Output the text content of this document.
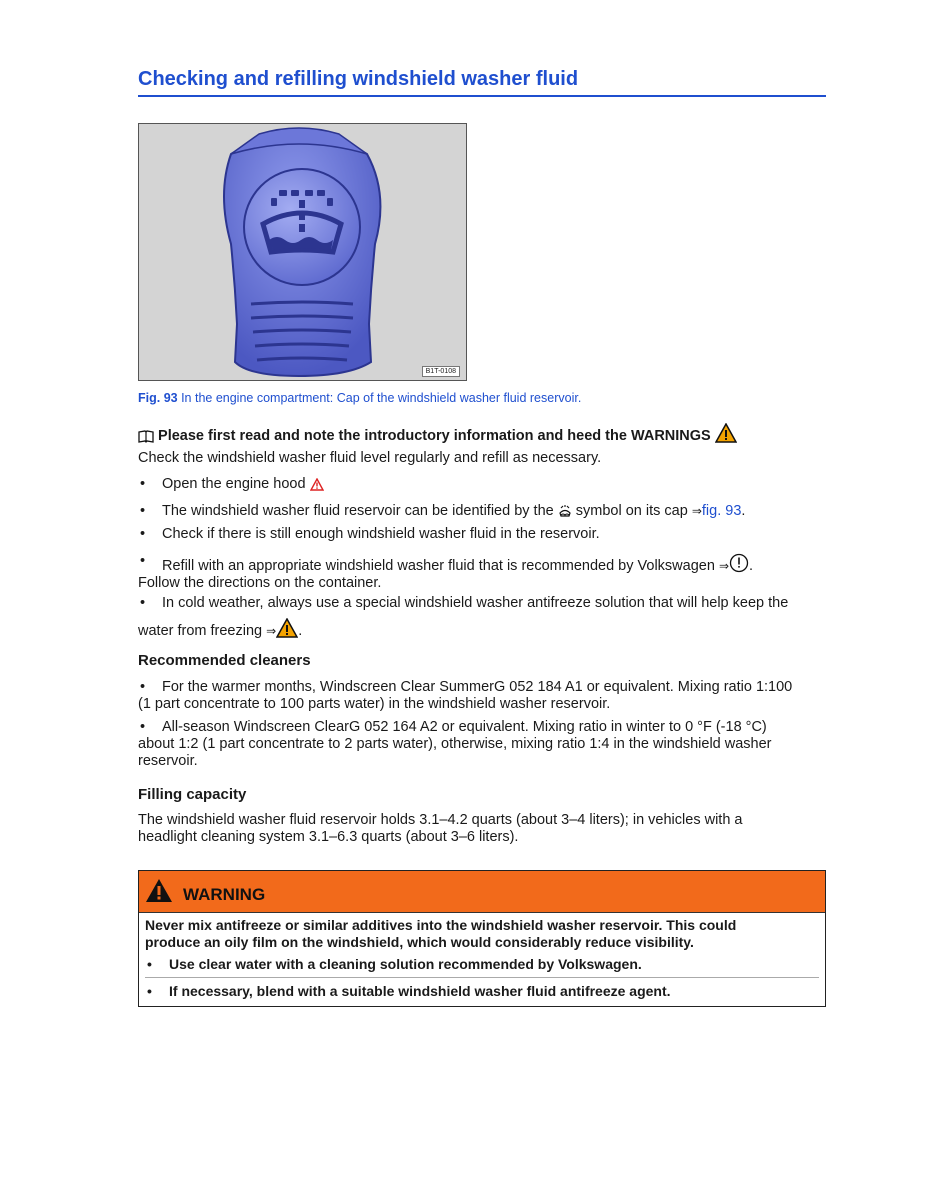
Checking and refilling windshield washer fluid
B1T-0108
Fig. 93 In the engine compartment: Cap of the windshield washer fluid reservoir.
Please first read and note the introductory information and heed the WARNINGS
Check the windshield washer fluid level regularly and refill as necessary.
•	Open the engine hood
•	The windshield washer fluid reservoir can be identified by the symbol on its cap ⇒fig. 93.
•	Check if there is still enough windshield washer fluid in the reservoir.
•	Refill with an appropriate windshield washer fluid that is recommended by Volkswagen ⇒ .
Follow the directions on the container.
•	In cold weather, always use a special windshield washer antifreeze solution that will help keep the
water from freezing ⇒ .
Recommended cleaners
•	For the warmer months, Windscreen Clear SummerG 052 184 A1 or equivalent. Mixing ratio 1:100
(1 part concentrate to 100 parts water) in the windshield washer reservoir.
•	All-season Windscreen ClearG 052 164 A2 or equivalent. Mixing ratio in winter to 0 °F (-18 °C)
about 1:2 (1 part concentrate to 2 parts water), otherwise, mixing ratio 1:4 in the windshield washer
reservoir.
Filling capacity
The windshield washer fluid reservoir holds 3.1–4.2 quarts (about 3–4 liters); in vehicles with a
headlight cleaning system 3.1–6.3 quarts (about 3–6 liters).
WARNING
Never mix antifreeze or similar additives into the windshield washer reservoir. This could
produce an oily film on the windshield, which would considerably reduce visibility.
•	Use clear water with a cleaning solution recommended by Volkswagen.
•	If necessary, blend with a suitable windshield washer fluid antifreeze agent.
